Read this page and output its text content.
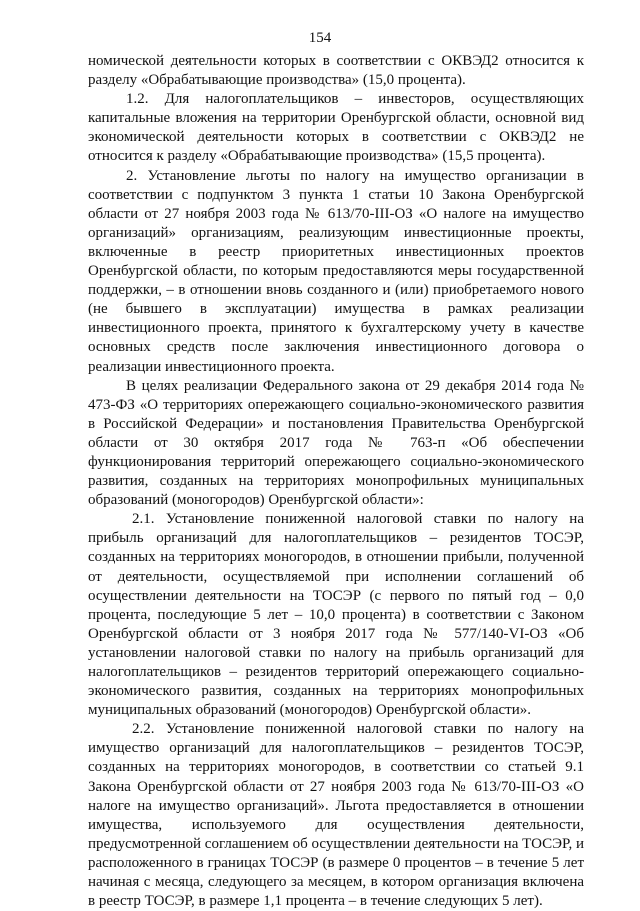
154

номической деятельности которых в соответствии с ОКВЭД2 относится к разделу «Обрабатывающие производства» (15,0 процента).

1.2. Для налогоплательщиков – инвесторов, осуществляющих капитальные вложения на территории Оренбургской области, основной вид экономической деятельности которых в соответствии с ОКВЭД2 не относится к разделу «Обрабатывающие производства» (15,5 процента).

2. Установление льготы по налогу на имущество организации в соответствии с подпунктом 3 пункта 1 статьи 10 Закона Оренбургской области от 27 ноября 2003 года № 613/70-III-ОЗ «О налоге на имущество организаций» организациям, реализующим инвестиционные проекты, включенные в реестр приоритетных инвестиционных проектов Оренбургской области, по которым предоставляются меры государственной поддержки, – в отношении вновь созданного и (или) приобретаемого нового (не бывшего в эксплуатации) имущества в рамках реализации инвестиционного проекта, принятого к бухгалтерскому учету в качестве основных средств после заключения инвестиционного договора о реализации инвестиционного проекта.

В целях реализации Федерального закона от 29 декабря 2014 года № 473-ФЗ «О территориях опережающего социально-экономического развития в Российской Федерации» и постановления Правительства Оренбургской области от 30 октября 2017 года № 763-п «Об обеспечении функционирования территорий опережающего социально-экономического развития, созданных на территориях монопрофильных муниципальных образований (моногородов) Оренбургской области»:

2.1. Установление пониженной налоговой ставки по налогу на прибыль организаций для налогоплательщиков – резидентов ТОСЭР, созданных на территориях моногородов, в отношении прибыли, полученной от деятельности, осуществляемой при исполнении соглашений об осуществлении деятельности на ТОСЭР (с первого по пятый год – 0,0 процента, последующие 5 лет – 10,0 процента) в соответствии с Законом Оренбургской области от 3 ноября 2017 года № 577/140-VI-ОЗ «Об установлении налоговой ставки по налогу на прибыль организаций для налогоплательщиков – резидентов территорий опережающего социально-экономического развития, созданных на территориях монопрофильных муниципальных образований (моногородов) Оренбургской области».

2.2. Установление пониженной налоговой ставки по налогу на имущество организаций для налогоплательщиков – резидентов ТОСЭР, созданных на территориях моногородов, в соответствии со статьей 9.1 Закона Оренбургской области от 27 ноября 2003 года № 613/70-III-ОЗ «О налоге на имущество организаций». Льгота предоставляется в отношении имущества, используемого для осуществления деятельности, предусмотренной соглашением об осуществлении деятельности на ТОСЭР, и расположенного в границах ТОСЭР (в размере 0 процентов – в течение 5 лет начиная с месяца, следующего за месяцем, в котором организация включена в реестр ТОСЭР, в размере 1,1 процента – в течение следующих 5 лет).
